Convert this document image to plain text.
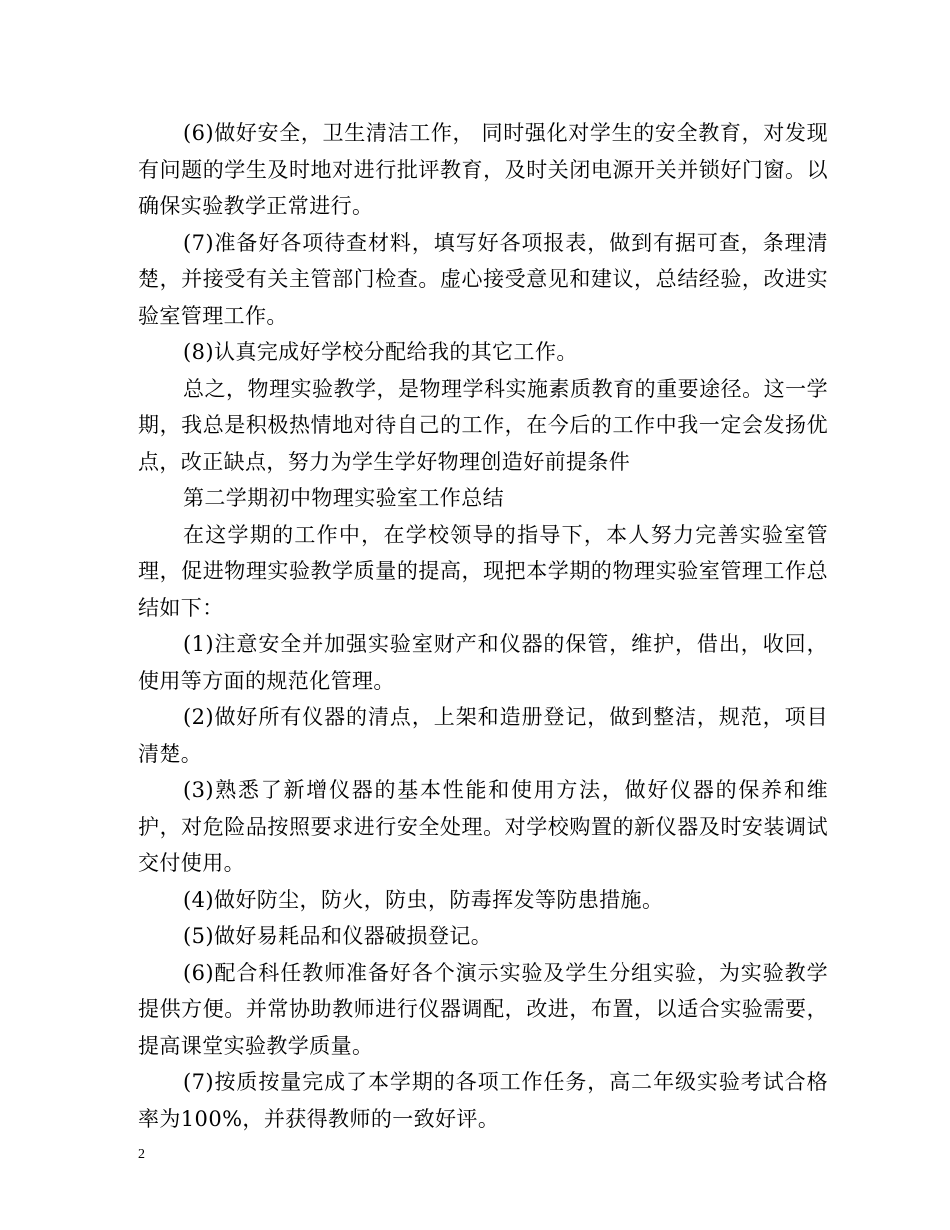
(6)做好安全，卫生清洁工作， 同时强化对学生的安全教育，对发现有问题的学生及时地对进行批评教育，及时关闭电源开关并锁好门窗。以确保实验教学正常进行。

(7)准备好各项待查材料，填写好各项报表，做到有据可查，条理清楚，并接受有关主管部门检查。虚心接受意见和建议，总结经验，改进实验室管理工作。

(8)认真完成好学校分配给我的其它工作。

总之，物理实验教学，是物理学科实施素质教育的重要途径。这一学期，我总是积极热情地对待自己的工作，在今后的工作中我一定会发扬优点，改正缺点，努力为学生学好物理创造好前提条件

第二学期初中物理实验室工作总结

在这学期的工作中，在学校领导的指导下，本人努力完善实验室管理，促进物理实验教学质量的提高，现把本学期的物理实验室管理工作总结如下：

(1)注意安全并加强实验室财产和仪器的保管，维护，借出，收回，使用等方面的规范化管理。

(2)做好所有仪器的清点，上架和造册登记，做到整洁，规范，项目清楚。

(3)熟悉了新增仪器的基本性能和使用方法，做好仪器的保养和维护，对危险品按照要求进行安全处理。对学校购置的新仪器及时安装调试交付使用。

(4)做好防尘，防火，防虫，防毒挥发等防患措施。

(5)做好易耗品和仪器破损登记。

(6)配合科任教师准备好各个演示实验及学生分组实验，为实验教学提供方便。并常协助教师进行仪器调配，改进，布置，以适合实验需要，提高课堂实验教学质量。

(7)按质按量完成了本学期的各项工作任务，高二年级实验考试合格率为100%，并获得教师的一致好评。

2
